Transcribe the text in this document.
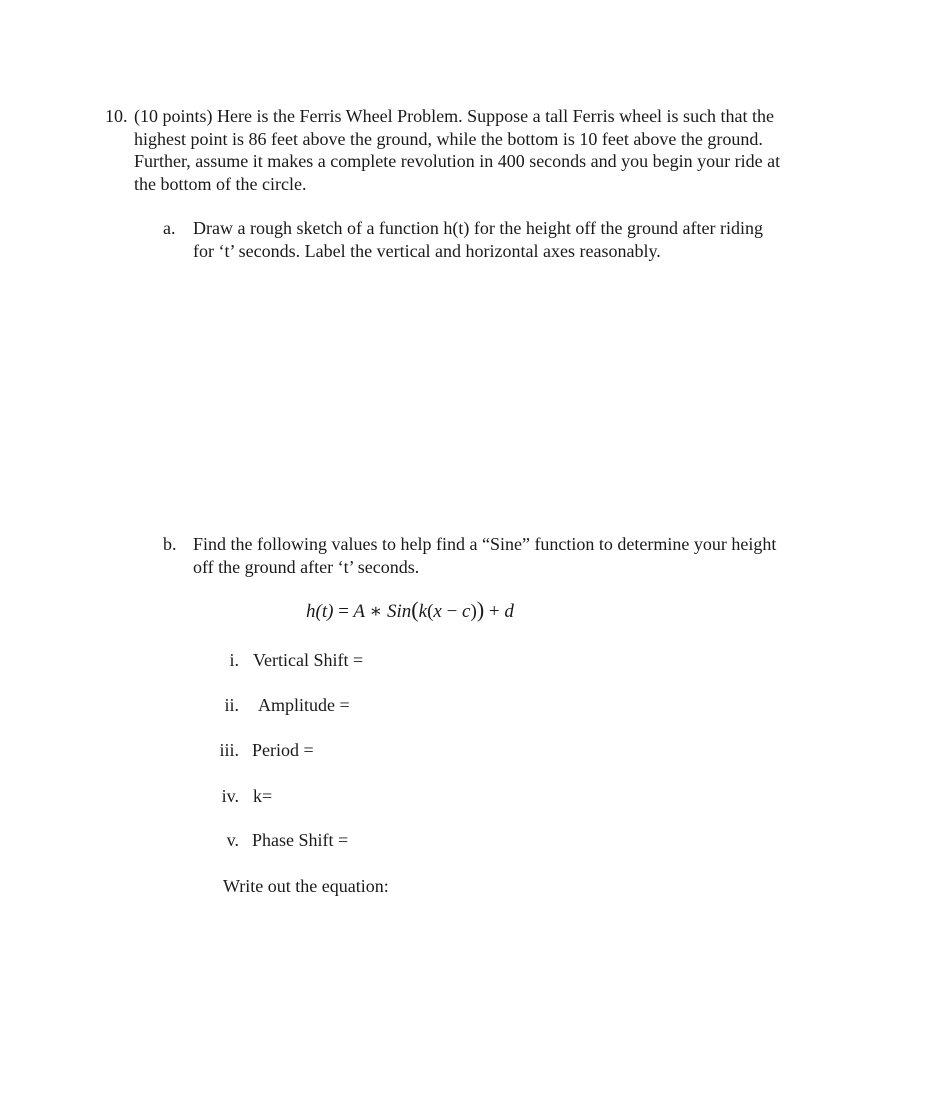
10. (10 points) Here is the Ferris Wheel Problem. Suppose a tall Ferris wheel is such that the highest point is 86 feet above the ground, while the bottom is 10 feet above the ground. Further, assume it makes a complete revolution in 400 seconds and you begin your ride at the bottom of the circle.
a. Draw a rough sketch of a function h(t) for the height off the ground after riding for ‘t’ seconds. Label the vertical and horizontal axes reasonably.
b. Find the following values to help find a “Sine” function to determine your height off the ground after ‘t’ seconds.
h(t) = A ∗ Sin(k(x − c)) + d
i. Vertical Shift =
ii. Amplitude =
iii. Period =
iv. k=
v. Phase Shift =
Write out the equation:
